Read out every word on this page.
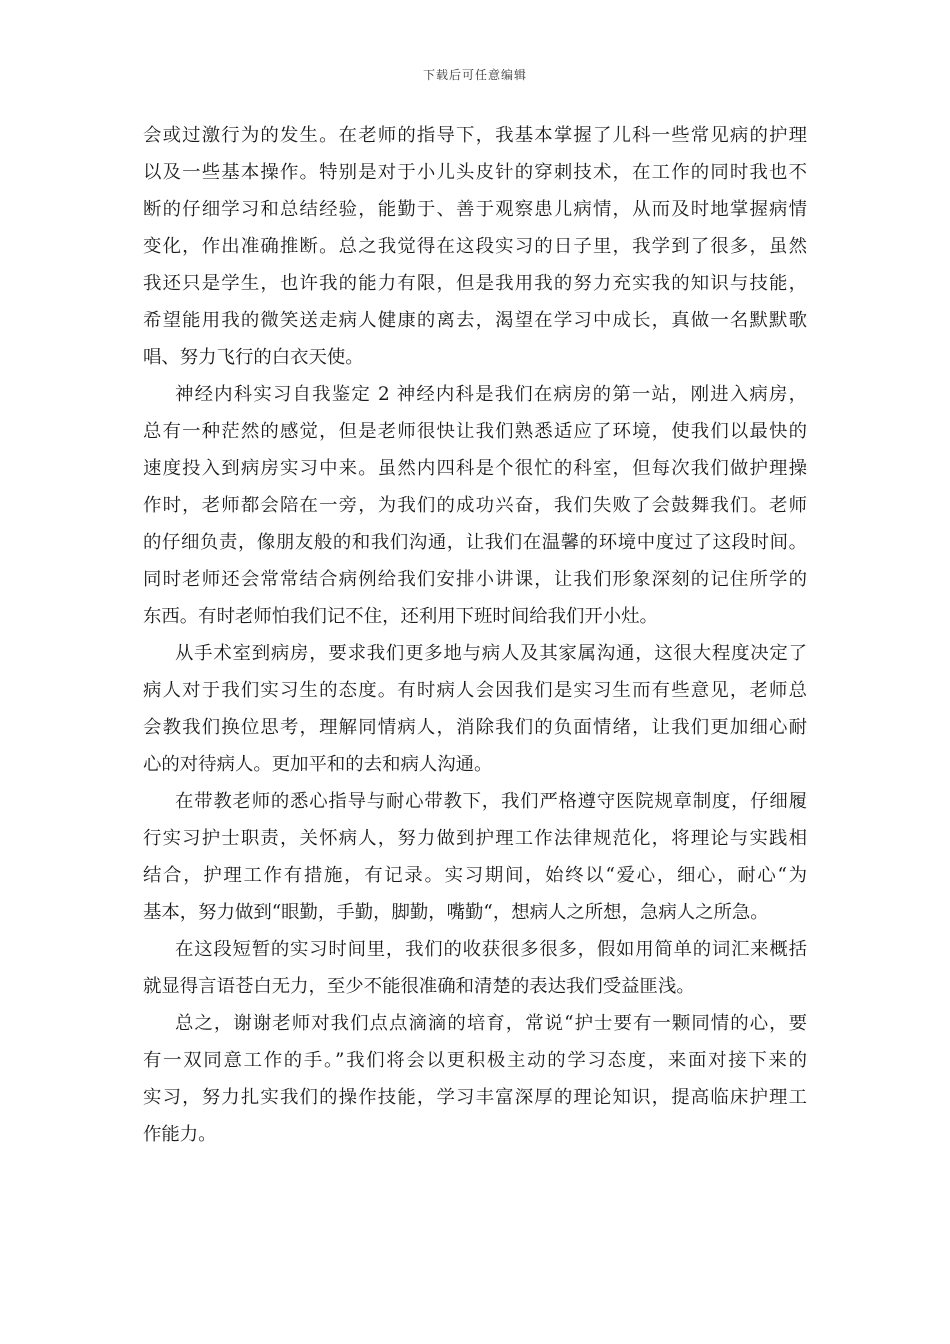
下载后可任意编辑
会或过激行为的发生。在老师的指导下，我基本掌握了儿科一些常见病的护理
以及一些基本操作。特别是对于小儿头皮针的穿刺技术，在工作的同时我也不
断的仔细学习和总结经验，能勤于、善于观察患儿病情，从而及时地掌握病情
变化，作出准确推断。总之我觉得在这段实习的日子里，我学到了很多，虽然
我还只是学生，也许我的能力有限，但是我用我的努力充实我的知识与技能，
希望能用我的微笑送走病人健康的离去，渴望在学习中成长，真做一名默默歌
唱、努力飞行的白衣天使。
神经内科实习自我鉴定 2 神经内科是我们在病房的第一站，刚进入病房，
总有一种茫然的感觉，但是老师很快让我们熟悉适应了环境，使我们以最快的
速度投入到病房实习中来。虽然内四科是个很忙的科室，但每次我们做护理操
作时，老师都会陪在一旁，为我们的成功兴奋，我们失败了会鼓舞我们。老师
的仔细负责，像朋友般的和我们沟通，让我们在温馨的环境中度过了这段时间。
同时老师还会常常结合病例给我们安排小讲课，让我们形象深刻的记住所学的
东西。有时老师怕我们记不住，还利用下班时间给我们开小灶。
从手术室到病房，要求我们更多地与病人及其家属沟通，这很大程度决定了
病人对于我们实习生的态度。有时病人会因我们是实习生而有些意见，老师总
会教我们换位思考，理解同情病人，消除我们的负面情绪，让我们更加细心耐
心的对待病人。更加平和的去和病人沟通。
在带教老师的悉心指导与耐心带教下，我们严格遵守医院规章制度，仔细履
行实习护士职责，关怀病人，努力做到护理工作法律规范化，将理论与实践相
结合，护理工作有措施，有记录。实习期间，始终以“爱心，细心，耐心“为
基本，努力做到“眼勤，手勤，脚勤，嘴勤“，想病人之所想，急病人之所急。
在这段短暂的实习时间里，我们的收获很多很多，假如用简单的词汇来概括
就显得言语苍白无力，至少不能很准确和清楚的表达我们受益匪浅。
总之，谢谢老师对我们点点滴滴的培育，常说“护士要有一颗同情的心，要
有一双同意工作的手。”我们将会以更积极主动的学习态度，来面对接下来的
实习，努力扎实我们的操作技能，学习丰富深厚的理论知识，提高临床护理工
作能力。
